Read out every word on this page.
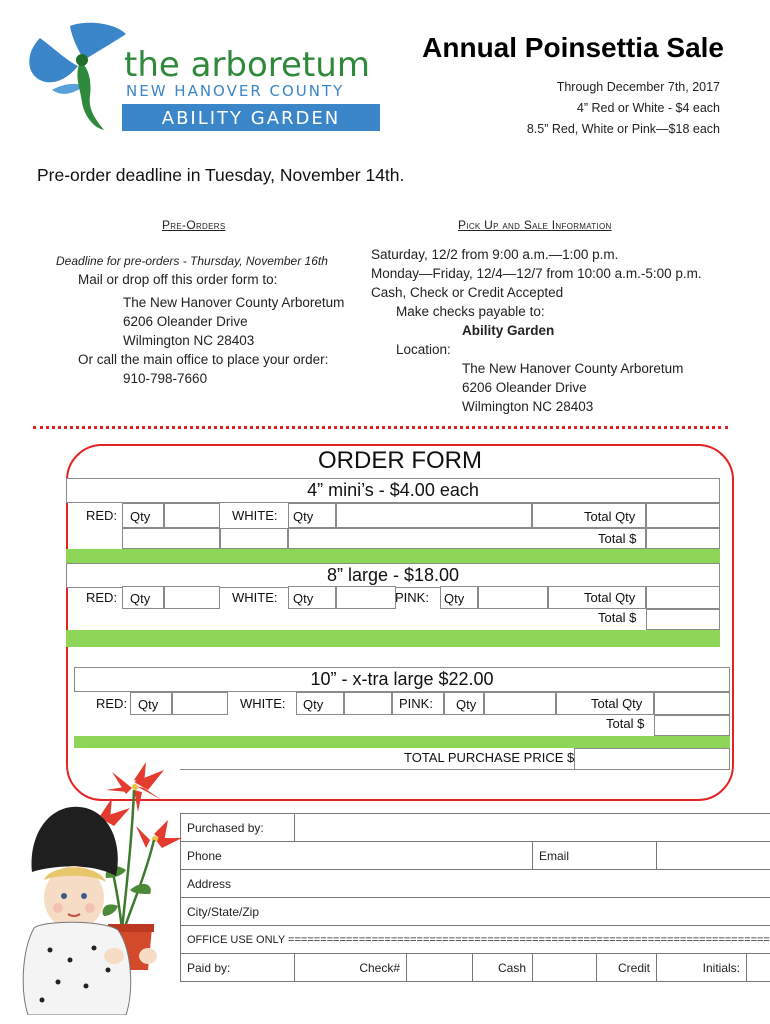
the arboretum
NEW HANOVER COUNTY
ABILITY GARDEN
Annual Poinsettia Sale
Through December 7th, 2017
4” Red or White - $4 each
8.5” Red, White or Pink—$18 each
Pre-order deadline in Tuesday, November 14th.
Pre-Orders
Deadline for pre-orders - Thursday, November 16th
Mail or drop off this order form to:
The New Hanover County Arboretum
6206 Oleander Drive
Wilmington NC 28403
Or call the main office to place your order:
910-798-7660
Pick Up and Sale Information
Saturday, 12/2 from 9:00 a.m.—1:00 p.m.
Monday—Friday, 12/4—12/7 from 10:00 a.m.-5:00 p.m.
Cash, Check or Credit Accepted
Make checks payable to:
Ability Garden
Location:
The New Hanover County Arboretum
6206 Oleander Drive
Wilmington NC 28403
ORDER FORM
4” mini’s - $4.00 each
RED: Qty	WHITE: Qty	Total Qty
Total $
8” large - $18.00
RED: Qty	WHITE: Qty	PINK: Qty	Total Qty
Total $
10” - x-tra large $22.00
RED: Qty	WHITE: Qty	PINK: Qty	Total Qty
Total $
TOTAL PURCHASE PRICE $
Purchased by:							
Phone				Email			
Address							
City/State/Zip							
OFFICE USE ONLY ===========================================================================							
Paid by:	Check#		Cash		Credit	Initials:	
